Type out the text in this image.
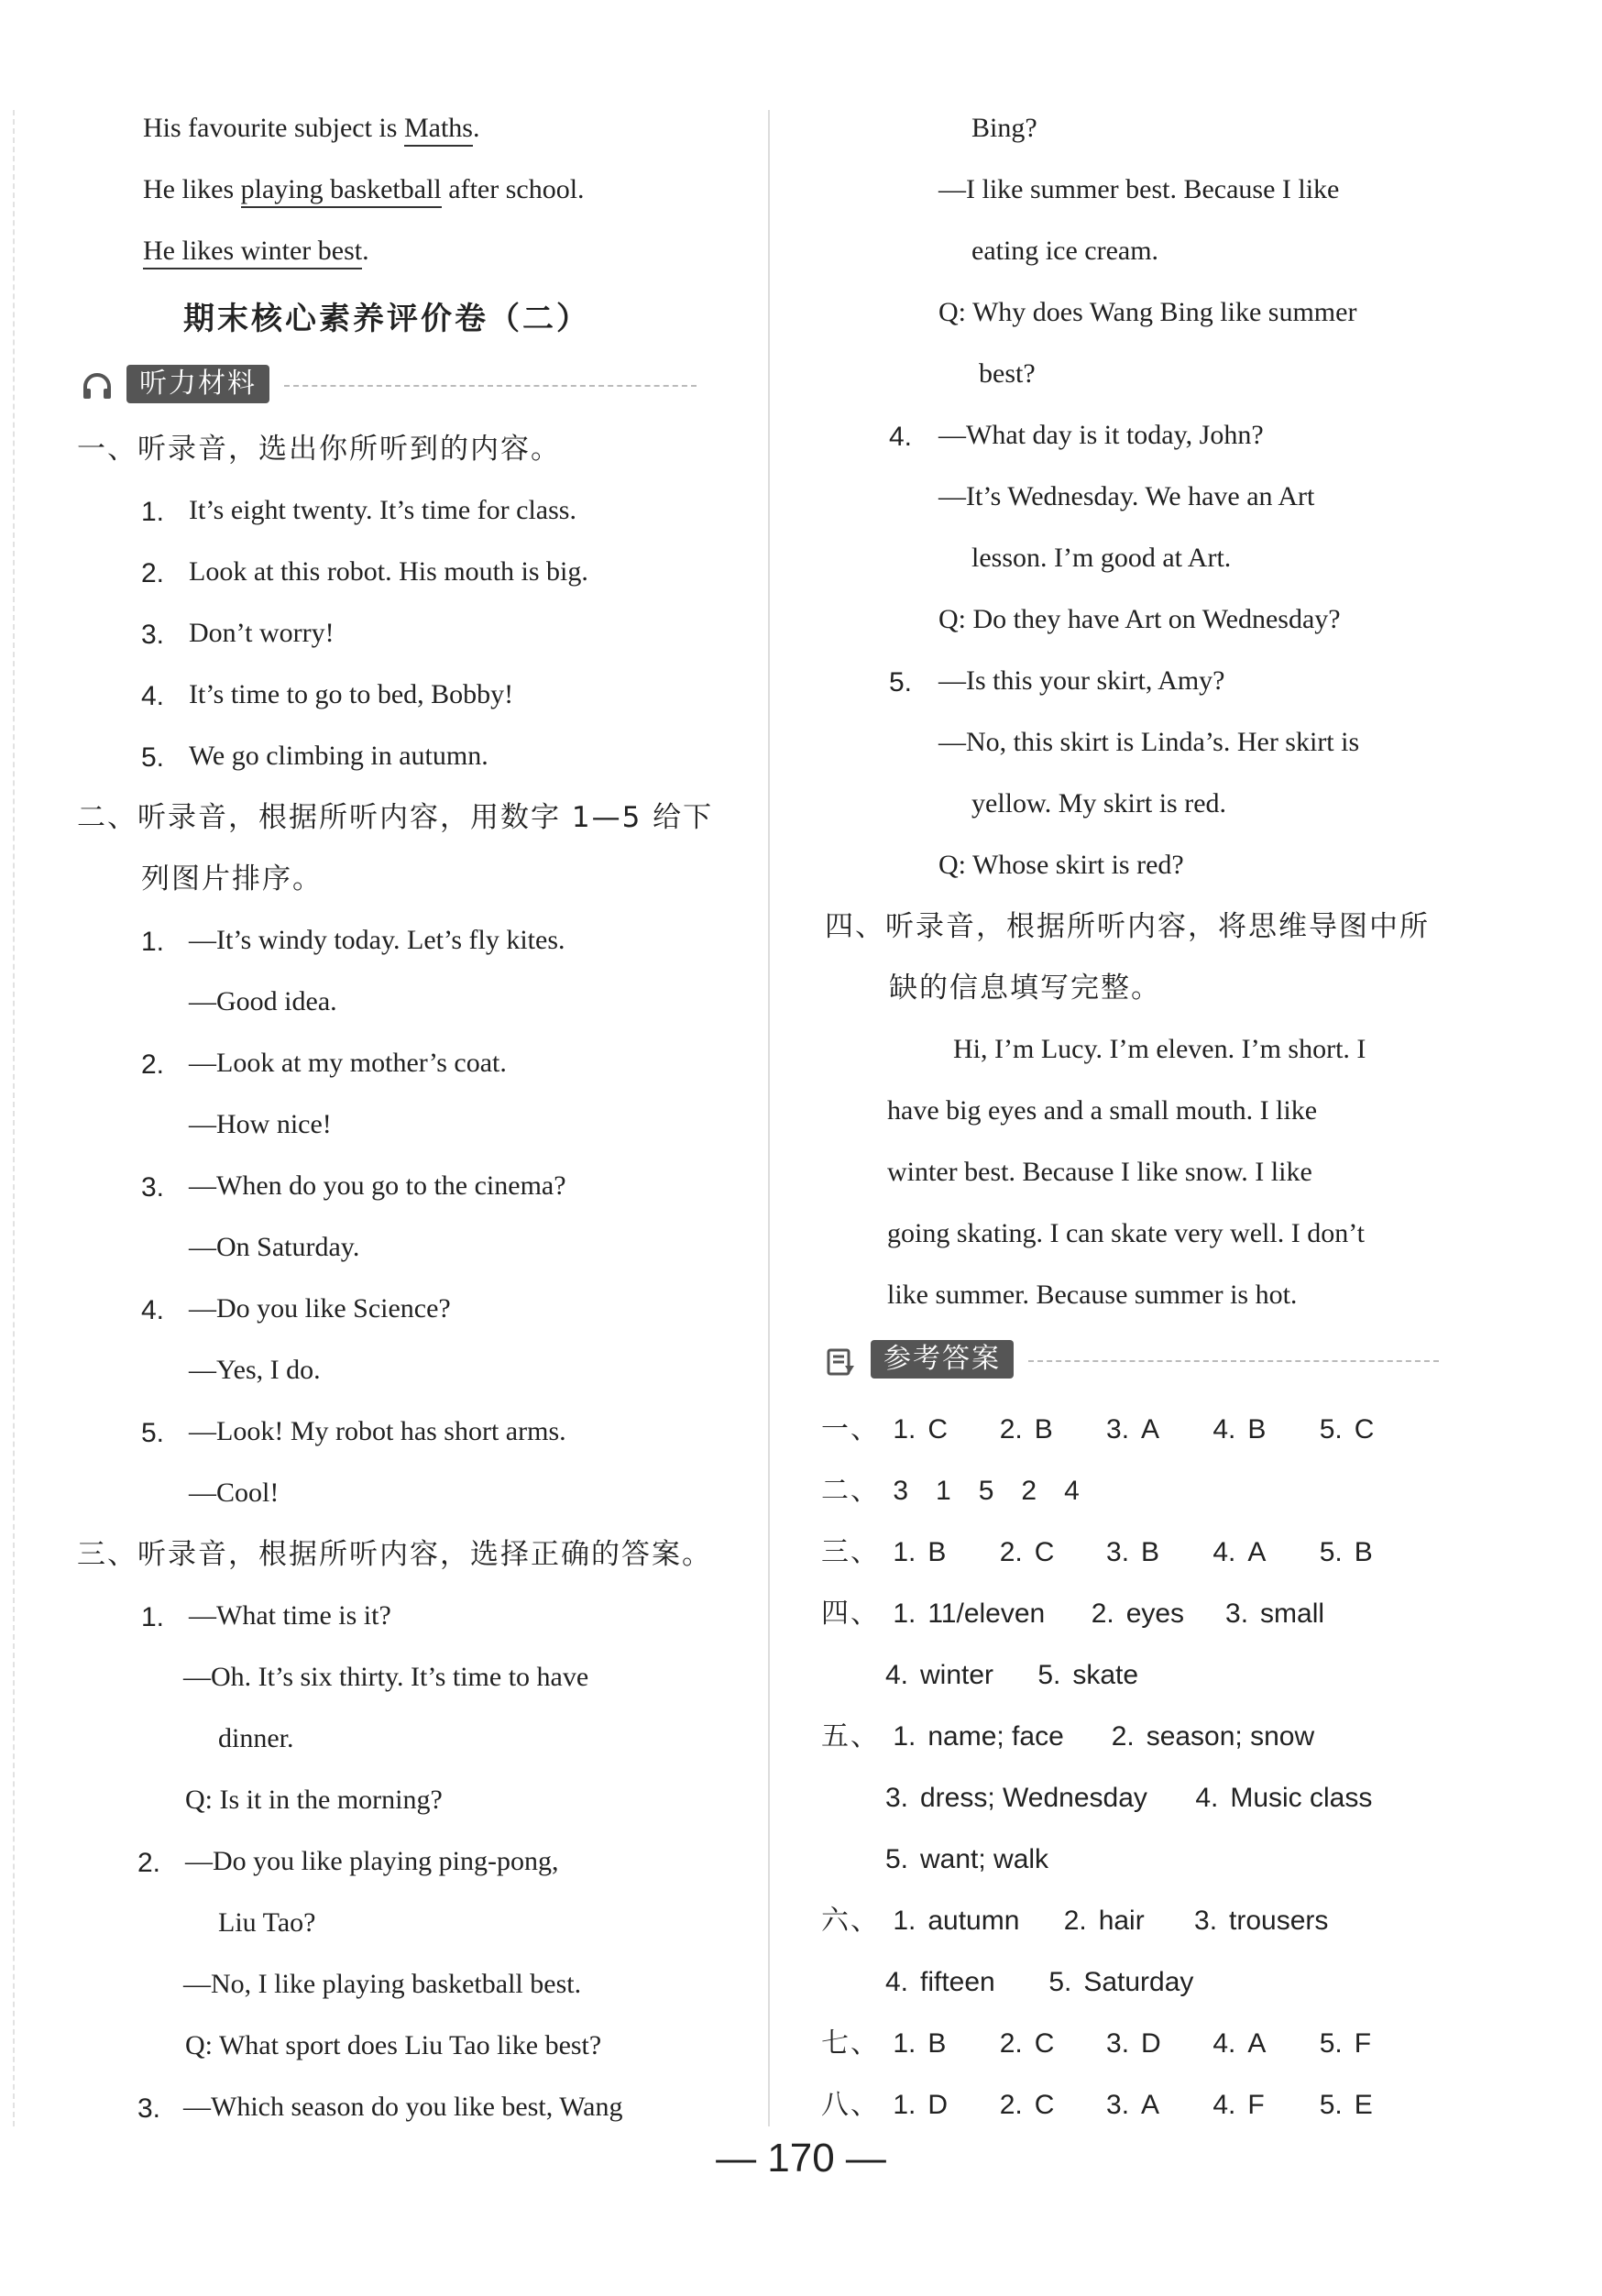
His favourite subject is Maths.
He likes playing basketball after school.
He likes winter best.
期末核心素养评价卷（二）
听力材料
一、听录音，选出你所听到的内容。
1. It’s eight twenty. It’s time for class.
2. Look at this robot. His mouth is big.
3. Don’t worry!
4. It’s time to go to bed, Bobby!
5. We go climbing in autumn.
二、听录音，根据所听内容，用数字 1—5 给下
列图片排序。
1. —It’s windy today. Let’s fly kites.
—Good idea.
2. —Look at my mother’s coat.
—How nice!
3. —When do you go to the cinema?
—On Saturday.
4. —Do you like Science?
—Yes, I do.
5. —Look! My robot has short arms.
—Cool!
三、听录音，根据所听内容，选择正确的答案。
1. —What time is it?
—Oh. It’s six thirty. It’s time to have
dinner.
Q: Is it in the morning?
2. —Do you like playing ping-pong,
Liu Tao?
—No, I like playing basketball best.
Q: What sport does Liu Tao like best?
3. —Which season do you like best, Wang
Bing?
—I like summer best. Because I like
eating ice cream.
Q: Why does Wang Bing like summer
best?
4. —What day is it today, John?
—It’s Wednesday. We have an Art
lesson. I’m good at Art.
Q: Do they have Art on Wednesday?
5. —Is this your skirt, Amy?
—No, this skirt is Linda’s. Her skirt is
yellow. My skirt is red.
Q: Whose skirt is red?
四、听录音，根据所听内容，将思维导图中所
缺的信息填写完整。
Hi, I’m Lucy. I’m eleven. I’m short. I
have big eyes and a small mouth. I like
winter best. Because I like snow. I like
going skating. I can skate very well. I don’t
like summer. Because summer is hot.
参考答案
一、 1. C 2. B 3. A 4. B 5. C
二、 3　1　5　2　4
三、 1. B 2. C 3. B 4. A 5. B
四、 1. 11/eleven 2. eyes 3. small
4. winter 5. skate
五、 1. name; face 2. season; snow
3. dress; Wednesday 4. Music class
5. want; walk
六、 1. autumn 2. hair 3. trousers
4. fifteen 5. Saturday
七、 1. B 2. C 3. D 4. A 5. F
八、 1. D 2. C 3. A 4. F 5. E
— 170 —
